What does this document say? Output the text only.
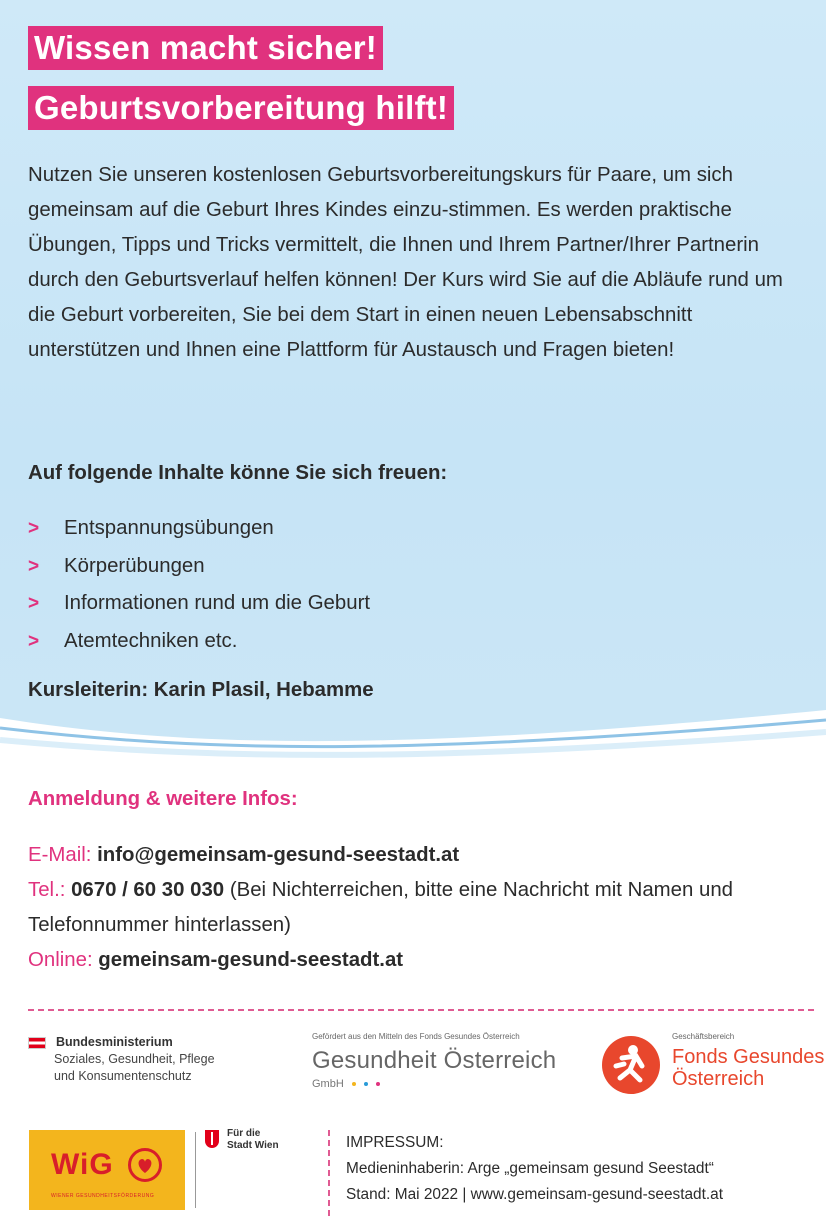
Wissen macht sicher!
Geburtsvorbereitung hilft!
Nutzen Sie unseren kostenlosen Geburtsvorbereitungskurs für Paare, um sich gemeinsam auf die Geburt Ihres Kindes einzu-stimmen. Es werden praktische Übungen, Tipps und Tricks vermittelt, die Ihnen und Ihrem Partner/Ihrer Partnerin durch den Geburtsverlauf helfen können! Der Kurs wird Sie auf die Abläufe rund um die Geburt vorbereiten, Sie bei dem Start in einen neuen Lebensabschnitt unterstützen und Ihnen eine Plattform für Austausch und Fragen bieten!
Auf folgende Inhalte könne Sie sich freuen:
>	Entspannungsübungen
>	Körperübungen
>	Informationen rund um die Geburt
>	Atemtechniken etc.
Kursleiterin: Karin Plasil, Hebamme
Anmeldung & weitere Infos:
E-Mail: info@gemeinsam-gesund-seestadt.at
Tel.: 0670 / 60 30 030 (Bei Nichterreichen, bitte eine Nachricht mit Namen und Telefonnummer hinterlassen)
Online: gemeinsam-gesund-seestadt.at
Bundesministerium
Soziales, Gesundheit, Pflege
und Konsumentenschutz
Gefördert aus den Mitteln des Fonds Gesundes Österreich
Gesundheit Österreich
GmbH
Geschäftsbereich
Fonds Gesundes
Österreich
WiG
WIENER GESUNDHEITSFÖRDERUNG
Für die
Stadt Wien	IMPRESSUM:
Medieninhaberin: Arge „gemeinsam gesund Seestadt“
Stand: Mai 2022 | www.gemeinsam-gesund-seestadt.at
